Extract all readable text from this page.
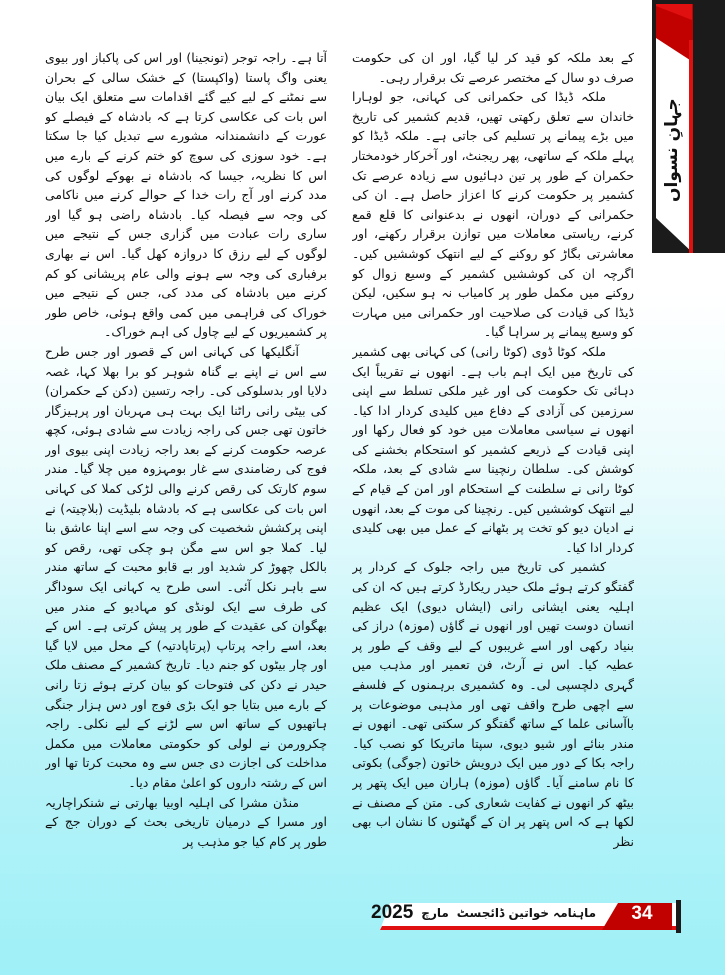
جہانِ نسواں

کے بعد ملکہ کو قید کر لیا گیا، اور ان کی حکومت صرف دو سال کے مختصر عرصے تک برقرار رہی۔

ملکہ ڈیڈا کی حکمرانی کی کہانی، جو لوہارا خاندان سے تعلق رکھتی تھیں، قدیم کشمیر کی تاریخ میں بڑے پیمانے پر تسلیم کی جاتی ہے۔ ملکہ ڈیڈا کو پہلے ملکہ کے ساتھی، پھر ریجنٹ، اور آخرکار خودمختار حکمران کے طور پر تین دہائیوں سے زیادہ عرصے تک کشمیر پر حکومت کرنے کا اعزاز حاصل ہے۔ ان کی حکمرانی کے دوران، انھوں نے بدعنوانی کا قلع قمع کرنے، ریاستی معاملات میں توازن برقرار رکھنے، اور معاشرتی بگاڑ کو روکنے کے لیے انتھک کوششیں کیں۔ اگرچہ ان کی کوششیں کشمیر کے وسیع زوال کو روکنے میں مکمل طور پر کامیاب نہ ہو سکیں، لیکن ڈیڈا کی قیادت کی صلاحیت اور حکمرانی میں مہارت کو وسیع پیمانے پر سراہا گیا۔

ملکہ کوٹا ڈوی (کوٹا رانی) کی کہانی بھی کشمیر کی تاریخ میں ایک اہم باب ہے۔ انھوں نے تقریباً ایک دہائی تک حکومت کی اور غیر ملکی تسلط سے اپنی سرزمین کی آزادی کے دفاع میں کلیدی کردار ادا کیا۔ انھوں نے سیاسی معاملات میں خود کو فعال رکھا اور اپنی قیادت کے ذریعے کشمیر کو استحکام بخشنے کی کوشش کی۔ سلطان رنچینا سے شادی کے بعد، ملکہ کوٹا رانی نے سلطنت کے استحکام اور امن کے قیام کے لیے انتھک کوششیں کیں۔ رنچینا کی موت کے بعد، انھوں نے ادیان دیو کو تخت پر بٹھانے کے عمل میں بھی کلیدی کردار ادا کیا۔

کشمیر کی تاریخ میں راجہ جلوک کے کردار پر گفتگو کرتے ہوئے ملک حیدر ریکارڈ کرتے ہیں کہ ان کی اہلیہ یعنی ایشانی رانی (ایشاں دیوی) ایک عظیم انسان دوست تھیں اور انھوں نے گاؤں (موزہ) دراز کی بنیاد رکھی اور اسے غریبوں کے لیے وقف کے طور پر عطیہ کیا۔ اس نے آرٹ، فن تعمیر اور مذہب میں گہری دلچسپی لی۔ وہ کشمیری برہمنوں کے فلسفے سے اچھی طرح واقف تھی اور مذہبی موضوعات پر باآسانی علما کے ساتھ گفتگو کر سکتی تھی۔ انھوں نے مندر بنائے اور شیو دیوی، سپتا ماتریکا کو نصب کیا۔ راجہ بکا کے دور میں ایک درویش خاتون (جوگی) بکوتی کا نام سامنے آیا۔ گاؤں (موزہ) ہاران میں ایک پتھر پر بیٹھ کر انھوں نے کفایت شعاری کی۔ متن کے مصنف نے لکھا ہے کہ اس پتھر پر ان کے گھٹنوں کا نشان اب بھی نظر

آتا ہے۔ راجہ توجر (تونجینا) اور اس کی پاکباز اور بیوی یعنی واگ پاستا (واکپستا) کے خشک سالی کے بحران سے نمٹنے کے لیے کیے گئے اقدامات سے متعلق ایک بیان اس بات کی عکاسی کرتا ہے کہ بادشاہ کے فیصلے کو عورت کے دانشمندانہ مشورے سے تبدیل کیا جا سکتا ہے۔ خود سوزی کی سوچ کو ختم کرنے کے بارے میں اس کا نظریہ، جیسا کہ بادشاہ نے بھوکے لوگوں کی مدد کرنے اور آج رات خدا کے حوالے کرنے میں ناکامی کی وجہ سے فیصلہ کیا۔ بادشاہ راضی ہو گیا اور ساری رات عبادت میں گزاری جس کے نتیجے میں لوگوں کے لیے رزق کا دروازہ کھل گیا۔ اس نے بھاری برفباری کی وجہ سے ہونے والی عام پریشانی کو کم کرنے میں بادشاہ کی مدد کی، جس کے نتیجے میں خوراک کی فراہمی میں کمی واقع ہوئی، خاص طور پر کشمیریوں کے لیے چاول کی اہم خوراک۔

آنگلیکھا کی کہانی اس کے قصور اور جس طرح سے اس نے اپنے بے گناہ شوہر کو برا بھلا کہا، غصہ دلایا اور بدسلوکی کی۔ راجہ رتسین (دکن کے حکمران) کی بیٹی رانی راٹنا ایک بہت ہی مہربان اور پرہیزگار خاتون تھی جس کی راجہ زیادت سے شادی ہوئی، کچھ عرصہ حکومت کرنے کے بعد راجہ زیادت اپنی بیوی اور فوج کی رضامندی سے غار بومہزوہ میں چلا گیا۔ مندر سوم کارتک کی رقص کرنے والی لڑکی کملا کی کہانی اس بات کی عکاسی ہے کہ بادشاہ بلیڈیت (بلاچیتہ) نے اپنی پرکشش شخصیت کی وجہ سے اسے اپنا عاشق بنا لیا۔ کملا جو اس سے مگن ہو چکی تھی، رقص کو بالکل چھوڑ کر شدید اور بے قابو محبت کے ساتھ مندر سے باہر نکل آئی۔ اسی طرح یہ کہانی ایک سوداگر کی طرف سے ایک لونڈی کو مہادیو کے مندر میں بھگوان کی عقیدت کے طور پر پیش کرتی ہے۔ اس کے بعد، اسے راجہ پرتاپ (پرتاپادتیہ) کے محل میں لایا گیا اور چار بیٹوں کو جنم دیا۔ تاریخ کشمیر کے مصنف ملک حیدر نے دکن کی فتوحات کو بیان کرتے ہوئے زتا رانی کے بارے میں بتایا جو ایک بڑی فوج اور دس ہزار جنگی ہاتھیوں کے ساتھ اس سے لڑنے کے لیے نکلی۔ راجہ چکرورمن نے لولی کو حکومتی معاملات میں مکمل مداخلت کی اجازت دی جس سے وہ محبت کرتا تھا اور اس کے رشتہ داروں کو اعلیٰ مقام دیا۔

منڈن مشرا کی اہلیہ اوبیا بھارتی نے شنکراچاریہ اور مسرا کے درمیان تاریخی بحث کے دوران جج کے طور پر کام کیا جو مذہب پر

ماہنامہ خواتین ڈائجسٹ
مارچ
2025	34
